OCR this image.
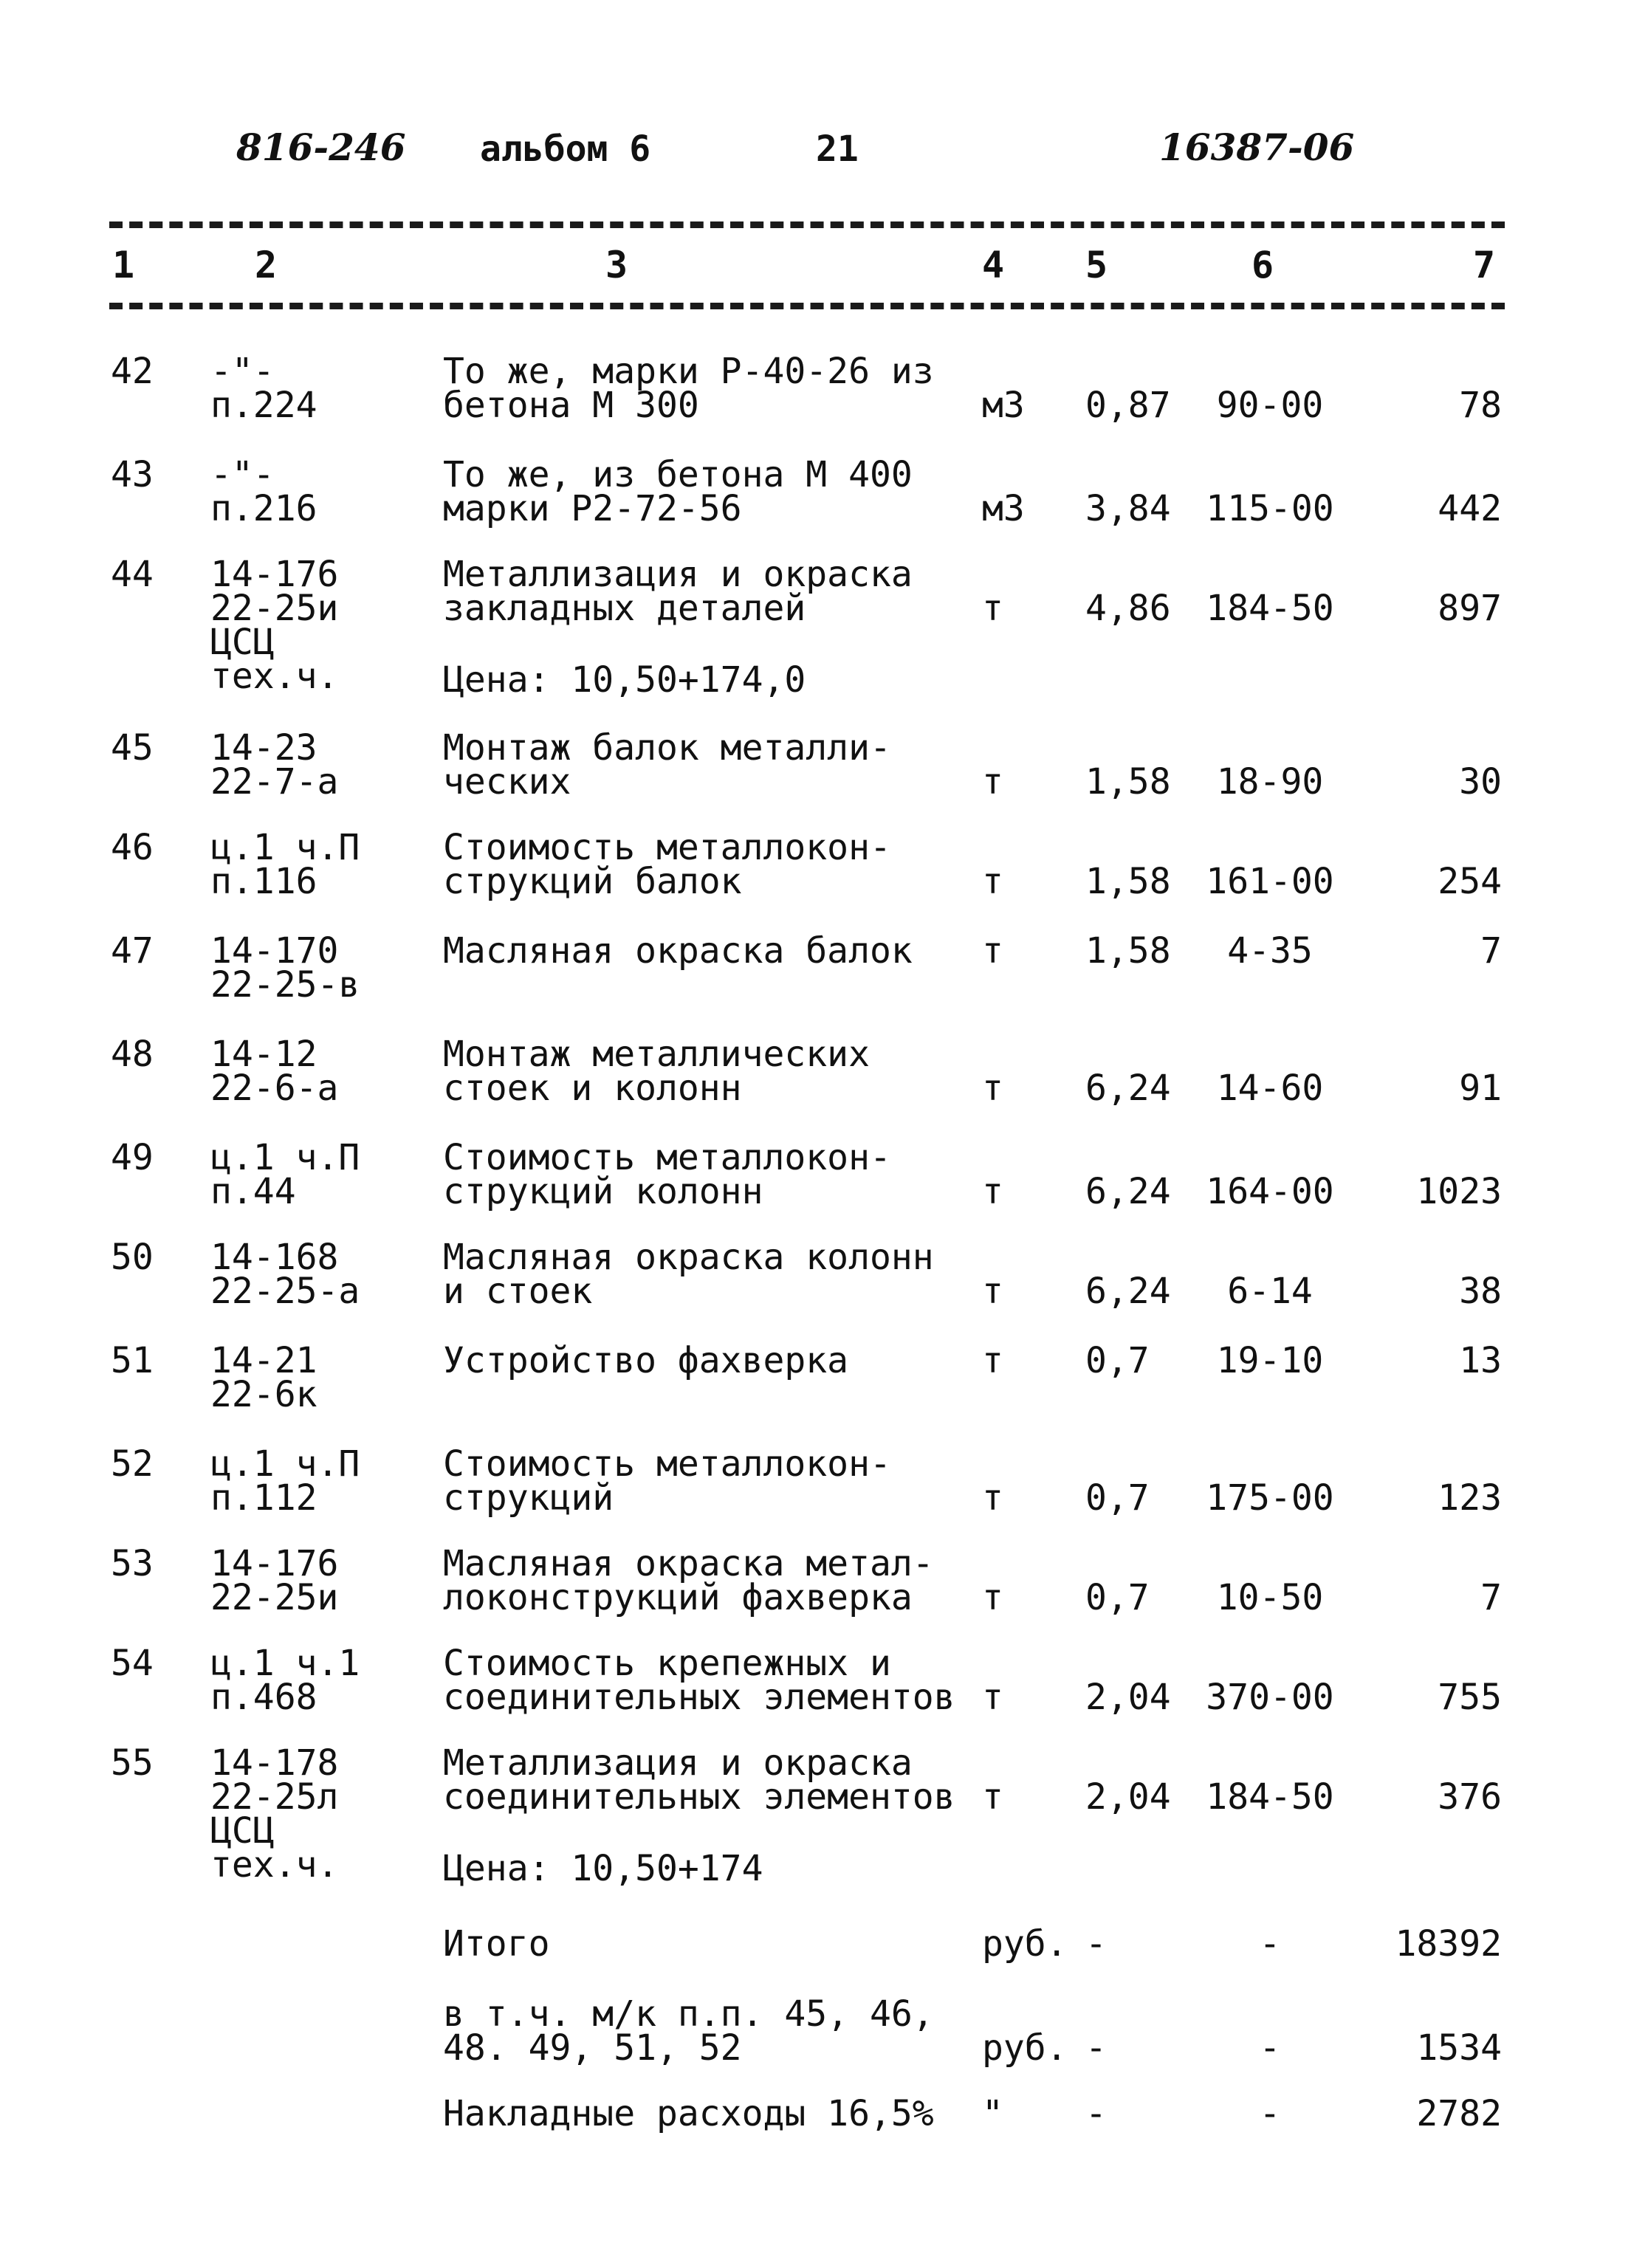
816-246 альбом 6	21	16387-06
1	2	3	4 5	6	7
42	-"-
п.224
То же, марки Р-40-26 из
бетона М 300	м3 0,87	90-00	78
43	-"-
п.216
То же, из бетона М 400
марки Р2-72-56	м3 3,84 115-00	442
44	14-176
22-25и
ЦСЦ
тех.ч.
Металлизация и окраска
закладных деталей	т 4,86 184-50	897
Цена: 10,50+174,0
45	14-23
22-7-а
Монтаж балок металли-
ческих	т 1,58	18-90	30
46	ц.1 ч.П
п.116
Стоимость металлокон-
струкций балок	т 1,58 161-00	254
47	14-170
22-25-в
Масляная окраска балок т 1,58	4-35	7
48	14-12
22-6-а
Монтаж металлических
стоек и колонн	т 6,24	14-60	91
49	ц.1 ч.П
п.44
Стоимость металлокон-
струкций колонн	т 6,24 164-00 1023
50	14-168
22-25-а
Масляная окраска колонн
и стоек	т 6,24	6-14	38
51	14-21
22-6к
Устройство фахверка	т 0,7	19-10	13
52	ц.1 ч.П
п.112
Стоимость металлокон-
струкций	т 0,7 175-00	123
53	14-176
22-25и
Масляная окраска метал-
локонструкций фахверка	т 0,7	10-50	7
54	ц.1 ч.1
п.468
Стоимость крепежных и
соединительных элементов т 2,04 370-00	755
55	14-178
22-25л
ЦСЦ
тех.ч.
Металлизация и окраска
соединительных элементов т 2,04 184-50	376
Цена: 10,50+174
Итого	руб. -	-	18392
в т.ч. м/к п.п. 45, 46,
48. 49, 51, 52	руб. -	-	1534
Накладные расходы 16,5% " -	-	2782
